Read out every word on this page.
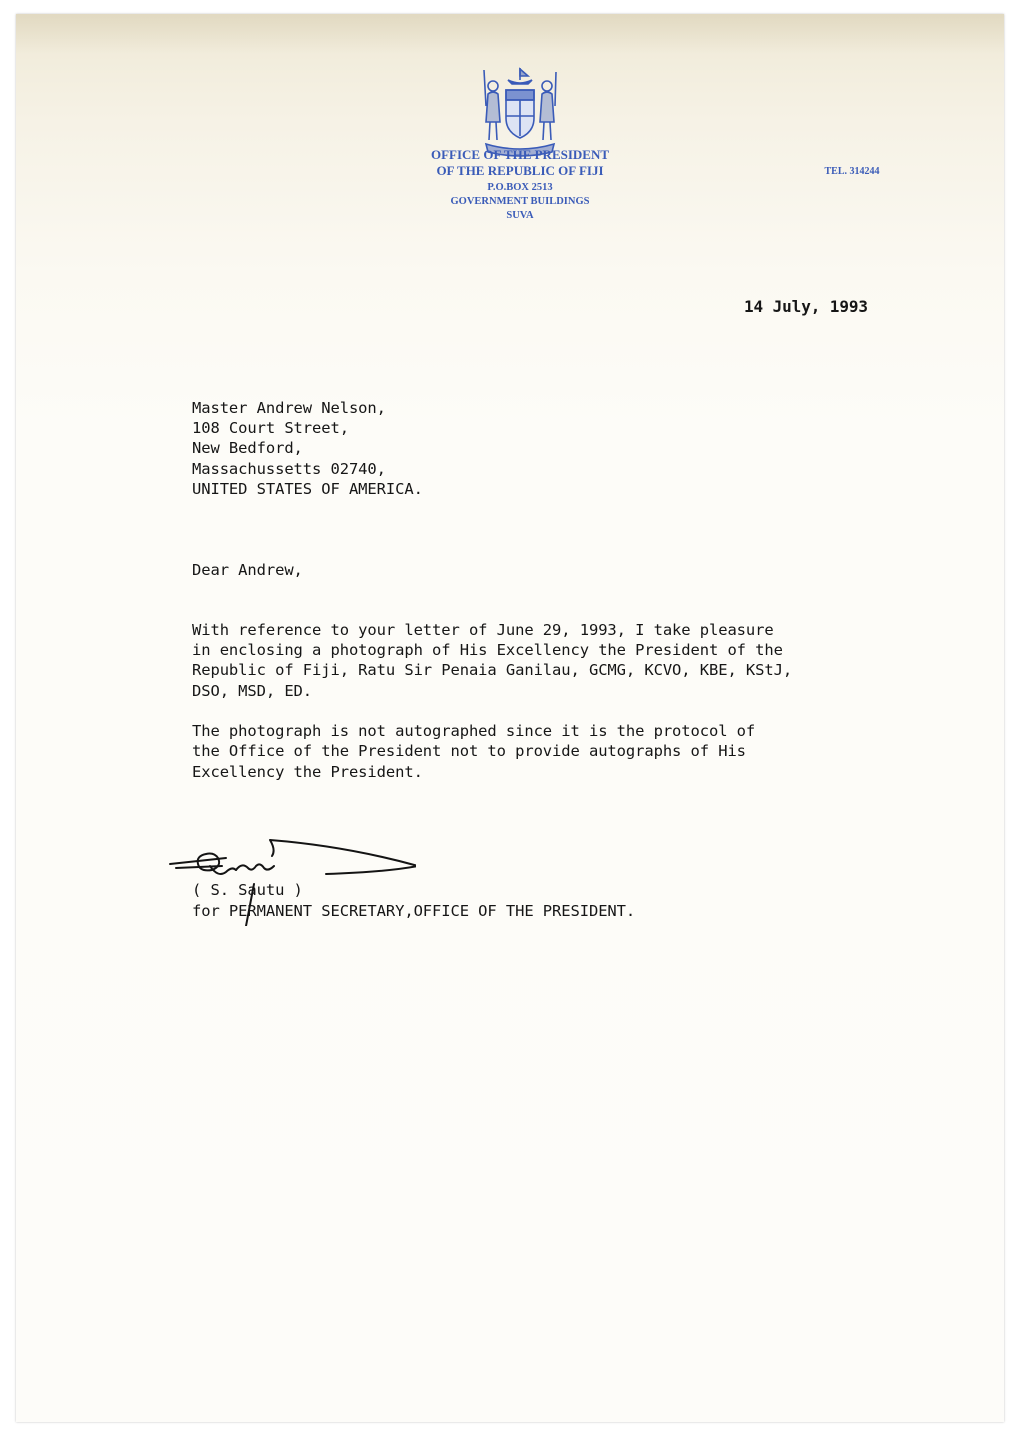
OFFICE OF THE PRESIDENT
OF THE REPUBLIC OF FIJI
P.O.BOX 2513
GOVERNMENT BUILDINGS
SUVA
TEL. 314244
14 July, 1993
Master Andrew Nelson,
108 Court Street,
New Bedford,
Massachussetts 02740,
UNITED STATES OF AMERICA.
Dear Andrew,
With reference to your letter of June 29, 1993, I take pleasure
in enclosing a photograph of His Excellency the President of the
Republic of Fiji, Ratu Sir Penaia Ganilau, GCMG, KCVO, KBE, KStJ,
DSO, MSD, ED.
The photograph is not autographed since it is the protocol of
the Office of the President not to provide autographs of His
Excellency the President.
( S. Sautu )
for PERMANENT SECRETARY,OFFICE OF THE PRESIDENT.
